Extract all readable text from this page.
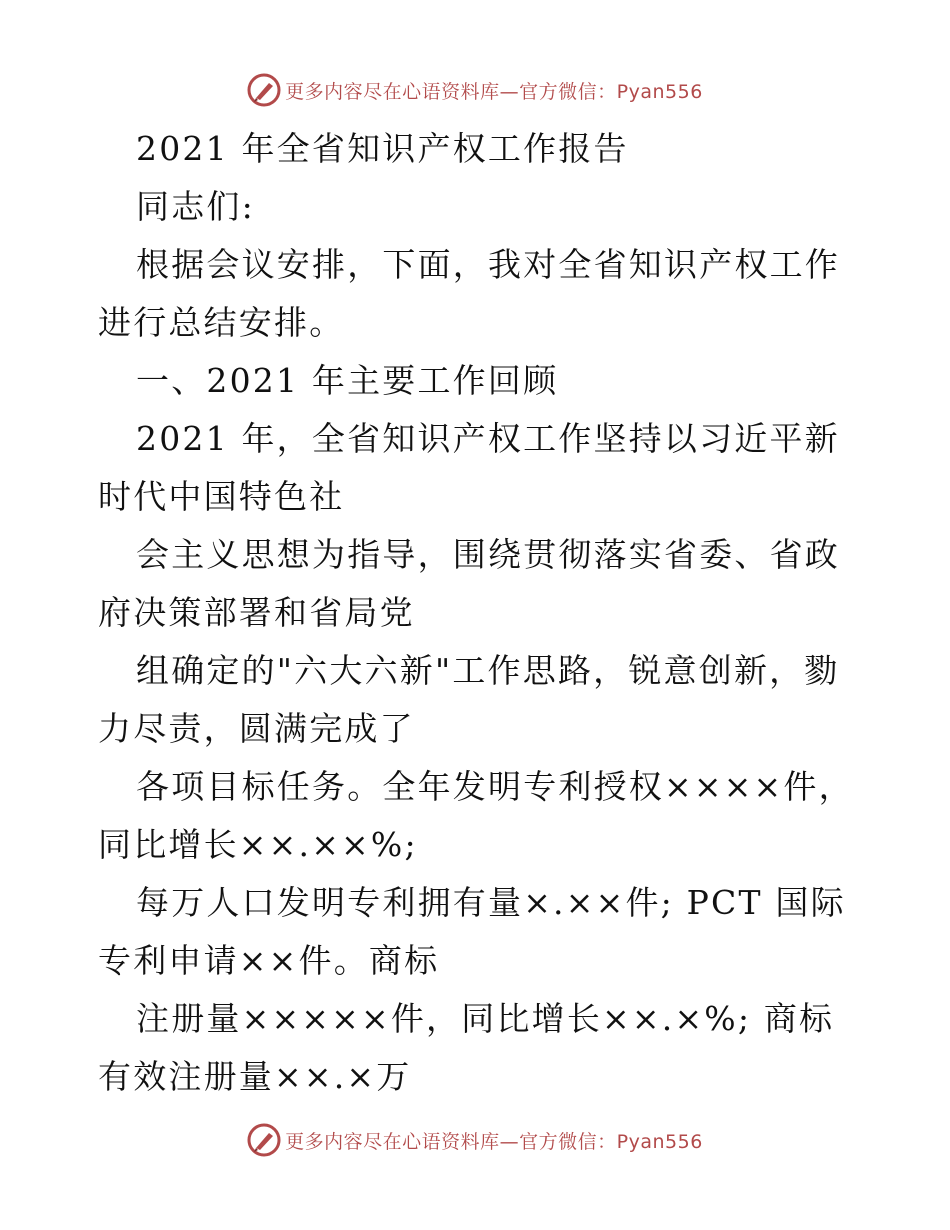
更多内容尽在心语资料库—官方微信：Pyan556

2021 年全省知识产权工作报告

同志们:

根据会议安排，下面，我对全省知识产权工作进行总结安排。

一、2021 年主要工作回顾

2021 年，全省知识产权工作坚持以习近平新时代中国特色社

会主义思想为指导，围绕贯彻落实省委、省政府决策部署和省局党

组确定的"六大六新"工作思路，锐意创新，勠力尽责，圆满完成了

各项目标任务。全年发明专利授权××××件，同比增长××.××%;

每万人口发明专利拥有量×.××件; PCT 国际专利申请××件。商标

注册量×××××件，同比增长××.×%; 商标有效注册量××.×万

更多内容尽在心语资料库—官方微信：Pyan556
